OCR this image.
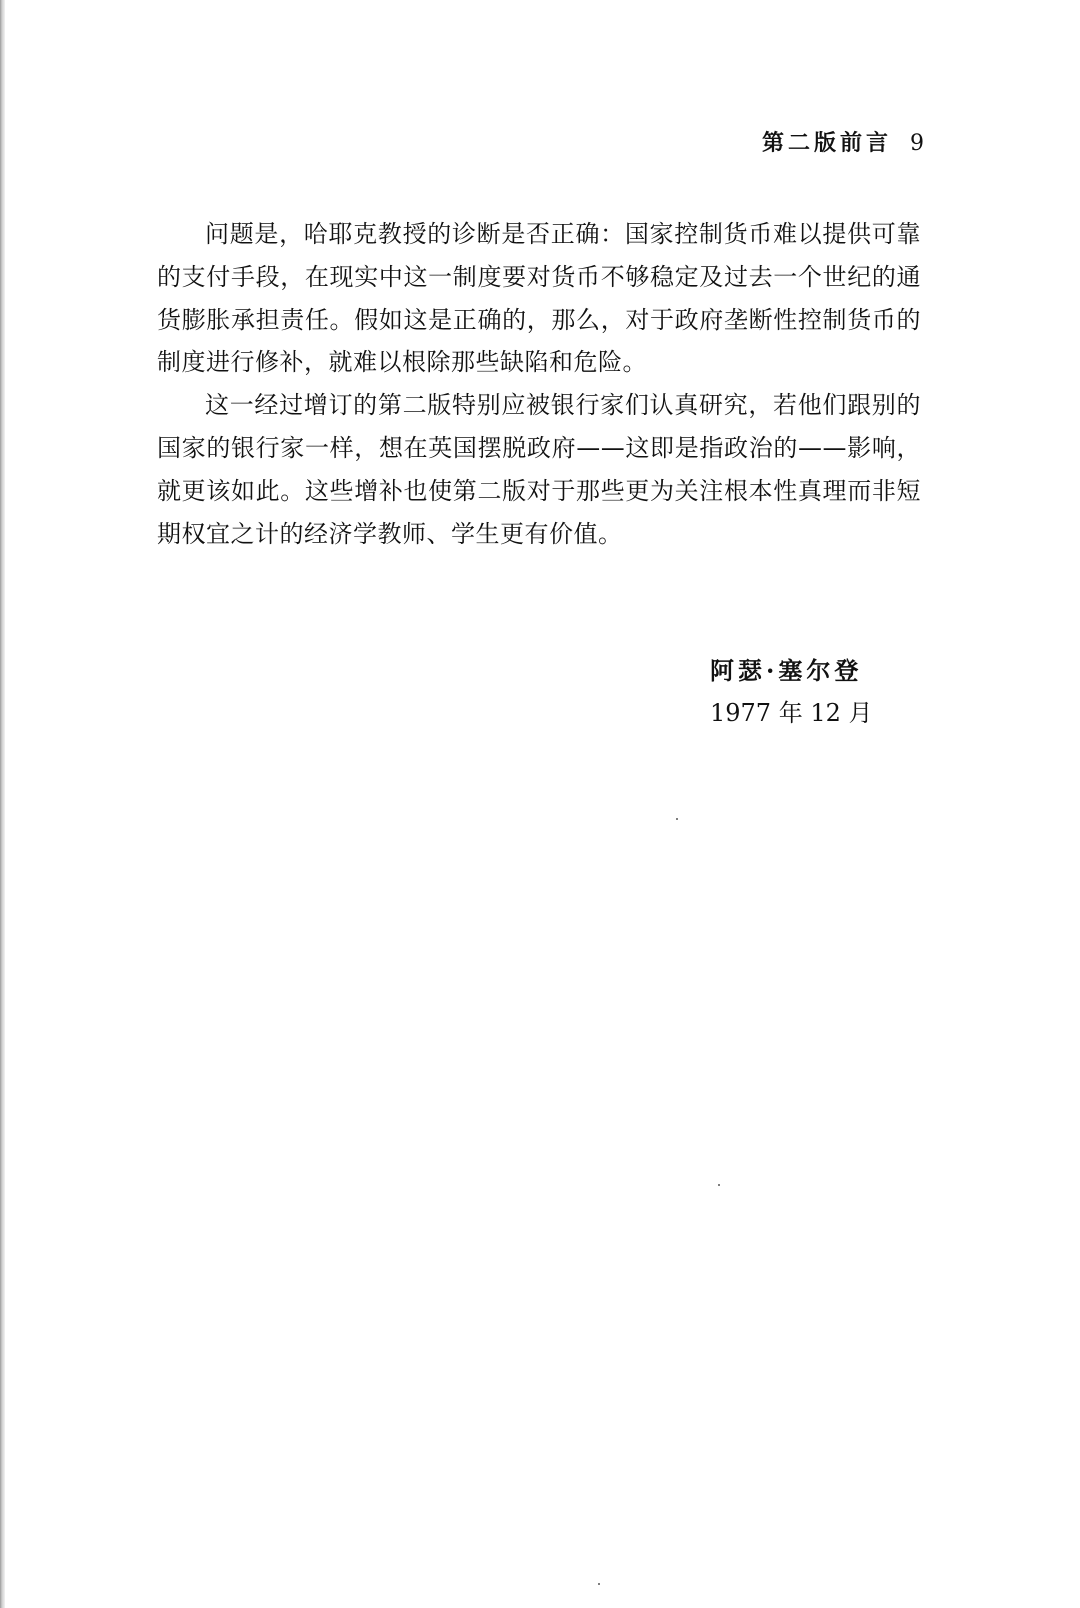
第二版前言 9

问题是，哈耶克教授的诊断是否正确：国家控制货币难以提供可靠的支付手段，在现实中这一制度要对货币不够稳定及过去一个世纪的通货膨胀承担责任。假如这是正确的，那么，对于政府垄断性控制货币的制度进行修补，就难以根除那些缺陷和危险。

这一经过增订的第二版特别应被银行家们认真研究，若他们跟别的国家的银行家一样，想在英国摆脱政府——这即是指政治的——影响，就更该如此。这些增补也使第二版对于那些更为关注根本性真理而非短期权宜之计的经济学教师、学生更有价值。

阿瑟·塞尔登
1977 年 12 月
